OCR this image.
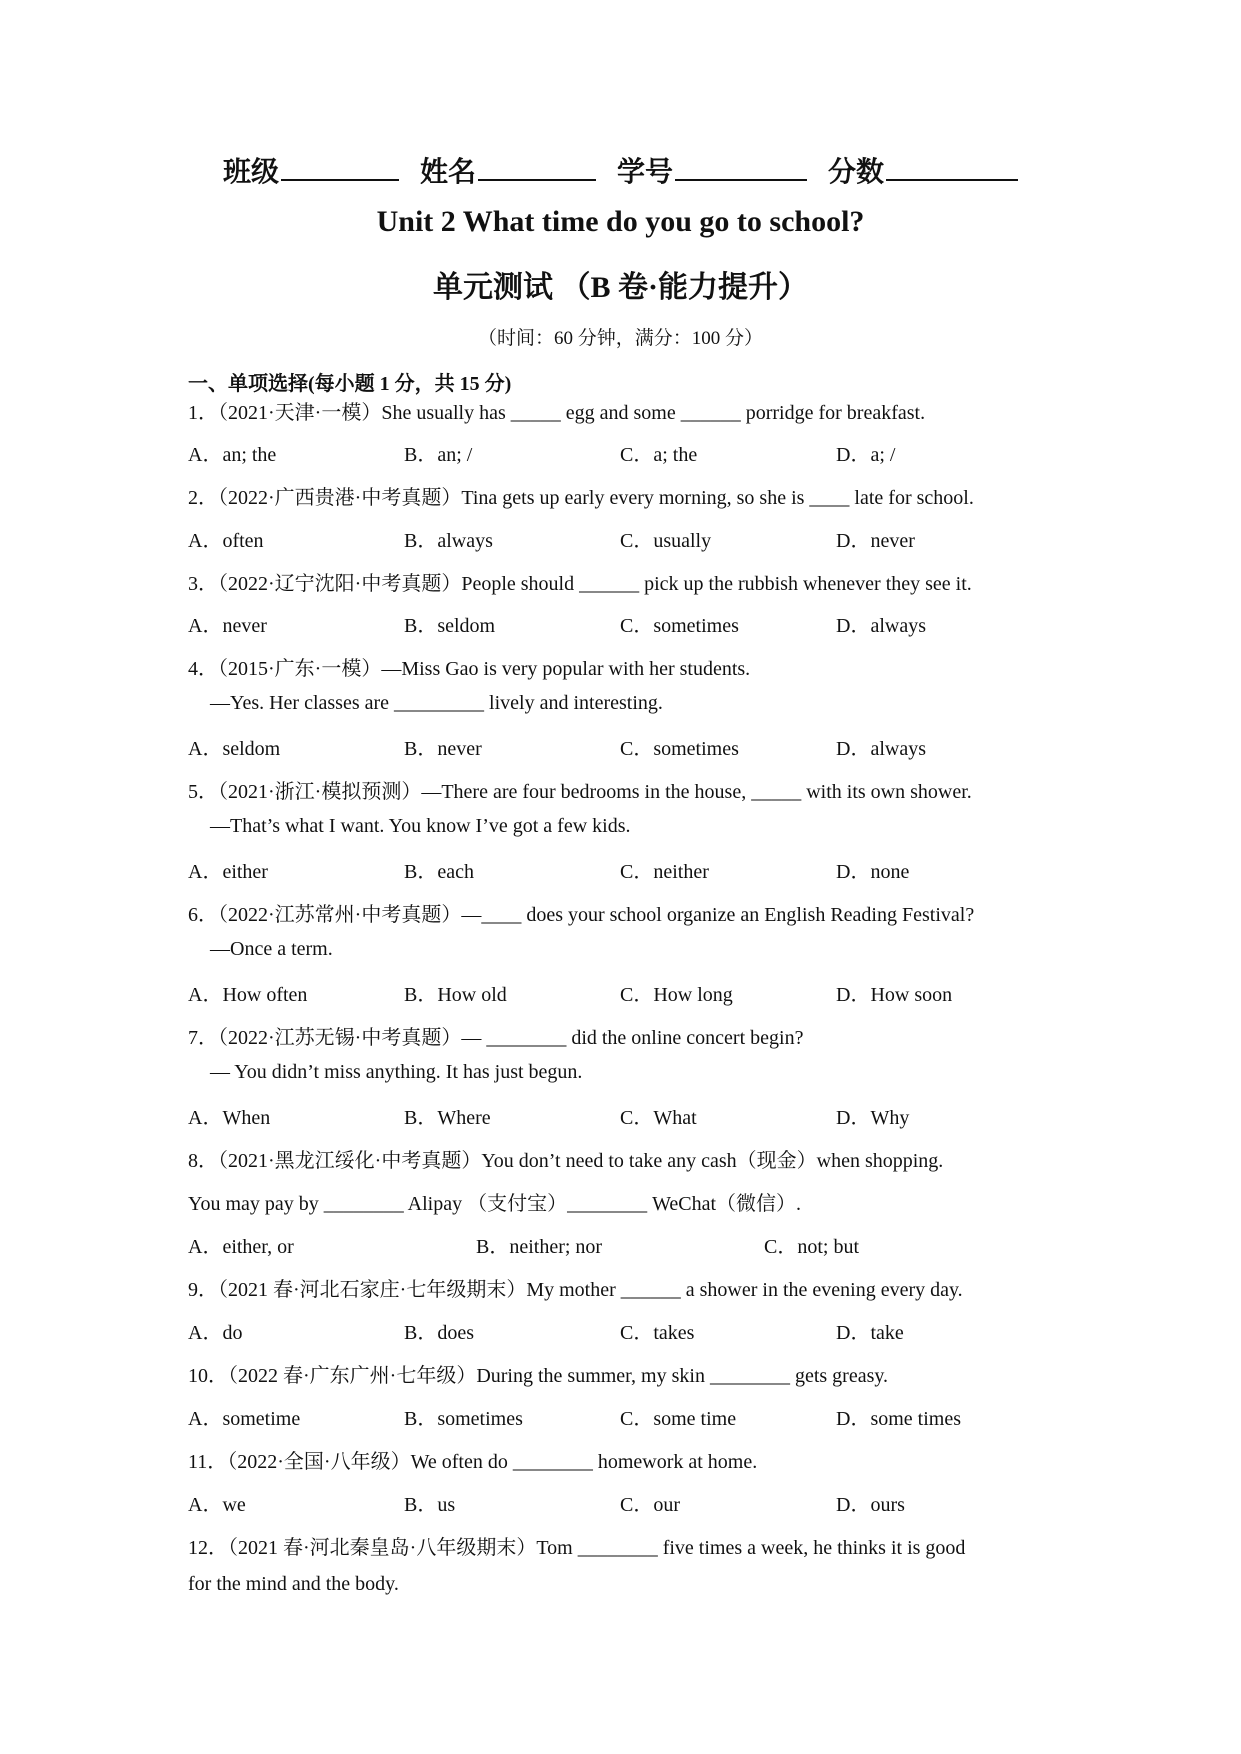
班级	姓名	学号	分数
Unit 2 What time do you go to school?
单元测试 （B 卷·能力提升）
（时间：60 分钟，满分：100 分）
一、单项选择(每小题 1 分，共 15 分)
1．（2021·天津·一模）She usually has _____ egg and some ______ porridge for breakfast.
A．an; the	B．an; /	C．a; the	D．a; /
2．（2022·广西贵港·中考真题）Tina gets up early every morning, so she is ____ late for school.
A．often	B．always	C．usually	D．never
3．（2022·辽宁沈阳·中考真题）People should ______ pick up the rubbish whenever they see it.
A．never	B．seldom	C．sometimes	D．always
4．（2015·广东·一模）—Miss Gao is very popular with her students.
—Yes. Her classes are _________ lively and interesting.
A．seldom	B．never	C．sometimes	D．always
5．（2021·浙江·模拟预测）—There are four bedrooms in the house, _____ with its own shower.
—That’s what I want. You know I’ve got a few kids.
A．either	B．each	C．neither	D．none
6．（2022·江苏常州·中考真题）—____ does your school organize an English Reading Festival?
—Once a term.
A．How often	B．How old	C．How long	D．How soon
7．（2022·江苏无锡·中考真题）— ________ did the online concert begin?
— You didn’t miss anything. It has just begun.
A．When	B．Where	C．What	D．Why
8．（2021·黑龙江绥化·中考真题）You don’t need to take any cash（现金）when shopping.
You may pay by ________ Alipay （支付宝）________ WeChat（微信）.
A．either, or	B．neither; nor	C．not; but
9．（2021 春·河北石家庄·七年级期末）My mother ______ a shower in the evening every day.
A．do	B．does	C．takes	D．take
10．（2022 春·广东广州·七年级）During the summer, my skin ________ gets greasy.
A．sometime	B．sometimes	C．some time	D．some times
11．（2022·全国·八年级）We often do ________ homework at home.
A．we	B．us	C．our	D．ours
12．（2021 春·河北秦皇岛·八年级期末）Tom ________ five times a week, he thinks it is good
for the mind and the body.
